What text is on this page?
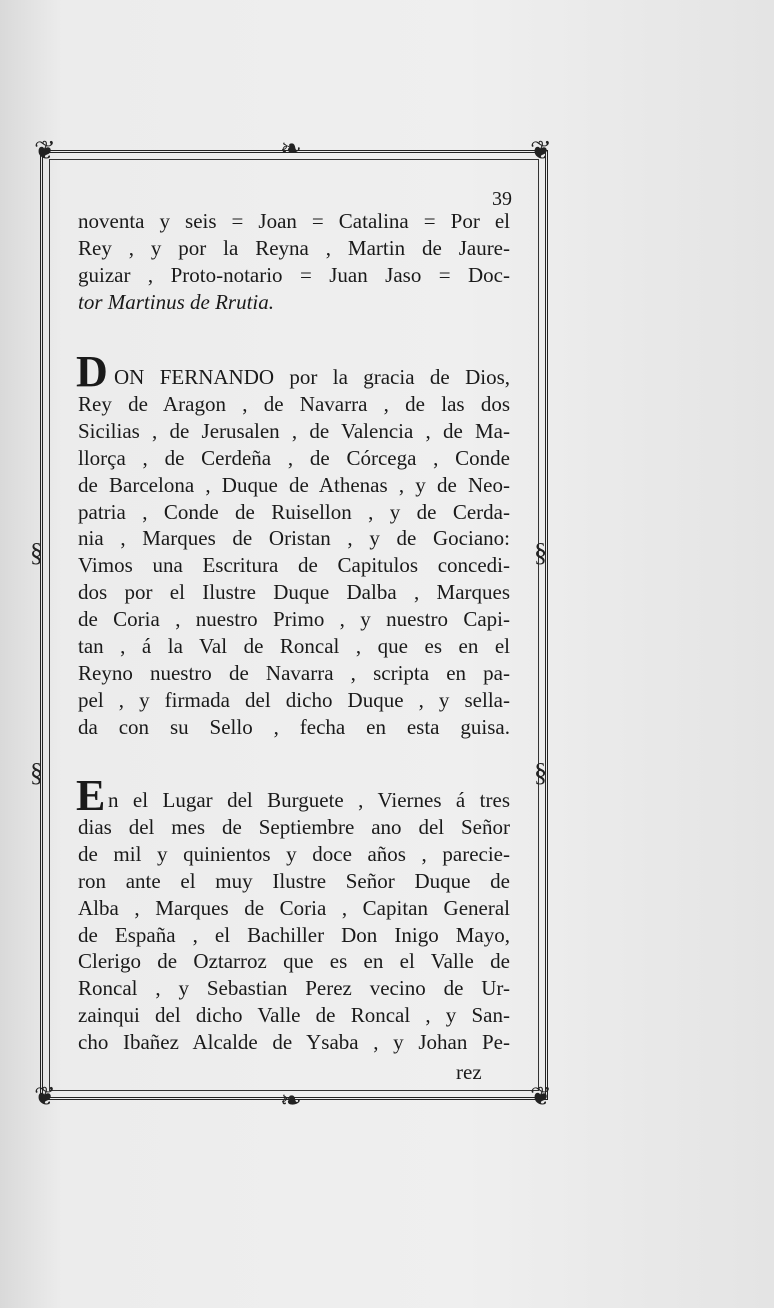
❦	❦
❦	❦
❧
❧
§	§
§	§
39
noventa y seis = Joan = Catalina = Por el
Rey , y por la Reyna , Martin de Jaure-
guizar , Proto-notario = Juan Jaso = Doc-
tor Martinus de Rrutia.
D ON FERNANDO por la gracia de Dios,
Rey de Aragon , de Navarra , de las dos
Sicilias , de Jerusalen , de Valencia , de Ma-
llorça , de Cerdeña , de Córcega , Conde
de Barcelona , Duque de Athenas , y de Neo-
patria , Conde de Ruisellon , y de Cerda-
nia , Marques de Oristan , y de Gociano:
Vimos una Escritura de Capitulos concedi-
dos por el Ilustre Duque Dalba , Marques
de Coria , nuestro Primo , y nuestro Capi-
tan , á la Val de Roncal , que es en el
Reyno nuestro de Navarra , scripta en pa-
pel , y firmada del dicho Duque , y sella-
da con su Sello , fecha en esta guisa.
E n el Lugar del Burguete , Viernes á tres
dias del mes de Septiembre ano del Señor
de mil y quinientos y doce años , parecie-
ron ante el muy Ilustre Señor Duque de
Alba , Marques de Coria , Capitan General
de España , el Bachiller Don Inigo Mayo,
Clerigo de Oztarroz que es en el Valle de
Roncal , y Sebastian Perez vecino de Ur-
zainqui del dicho Valle de Roncal , y San-
cho Ibañez Alcalde de Ysaba , y Johan Pe-
rez
